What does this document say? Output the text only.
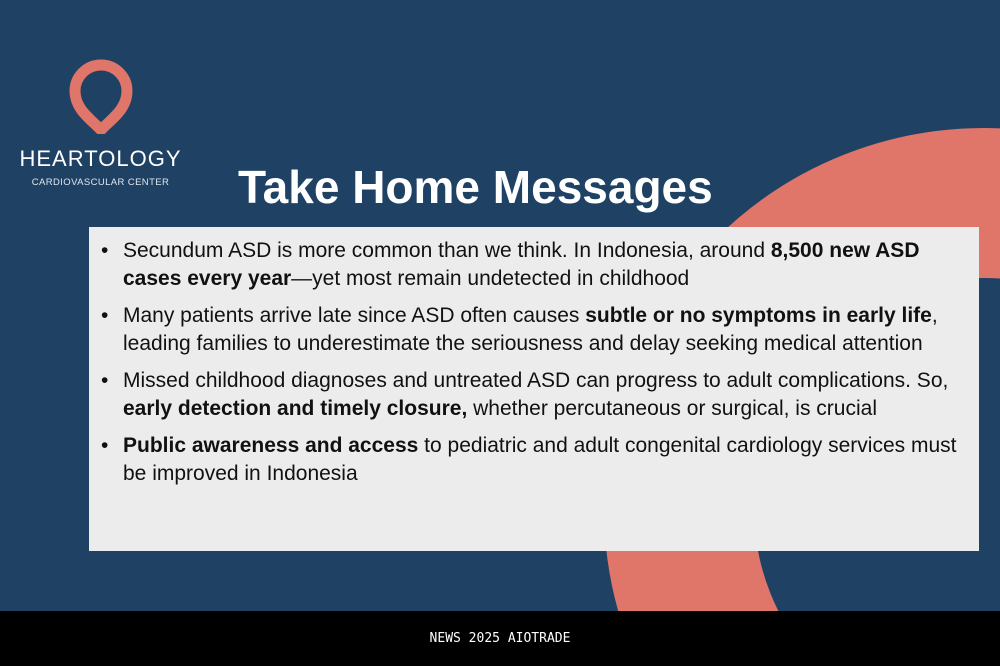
HEARTOLOGY
CARDIOVASCULAR CENTER	Take Home Messages
• Secundum ASD is more common than we think. In Indonesia, around 8,500 new ASD cases every year—yet most remain undetected in childhood
• Many patients arrive late since ASD often causes subtle or no symptoms in early life, leading families to underestimate the seriousness and delay seeking medical attention
• Missed childhood diagnoses and untreated ASD can progress to adult complications. So, early detection and timely closure, whether percutaneous or surgical, is crucial
• Public awareness and access to pediatric and adult congenital cardiology services must be improved in Indonesia
NEWS 2025 AIOTRADE
